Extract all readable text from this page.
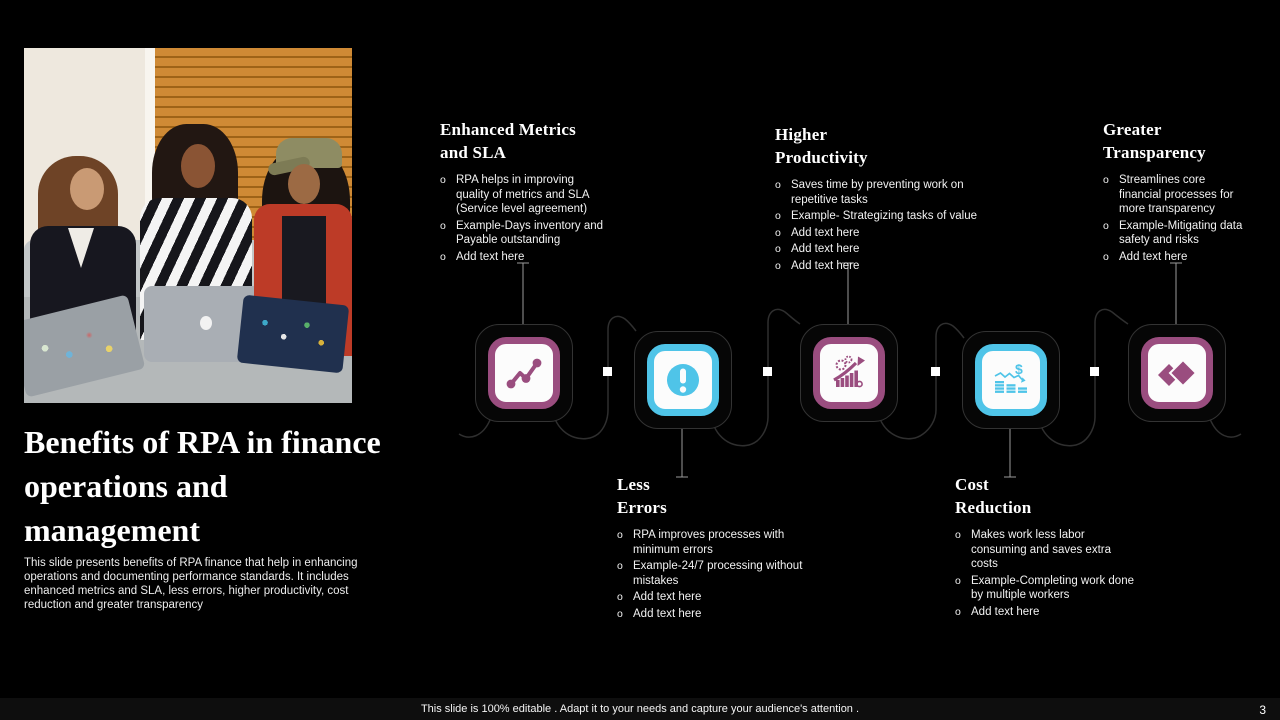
Benefits of RPA in finance operations and management
This slide presents benefits of RPA finance that help in enhancing operations and documenting performance standards. It includes enhanced metrics and SLA, less errors, higher productivity, cost reduction and greater transparency
$
Enhanced Metrics
and SLA
o RPA helps in improving quality of metrics and SLA (Service level agreement)
o Example-Days inventory and Payable outstanding
o Add text here
Less
Errors
o RPA improves processes with minimum errors
o Example-24/7 processing without mistakes
o Add text here
o Add text here
Higher
Productivity
o Saves time by preventing work on repetitive tasks
o Example- Strategizing tasks of value
o Add text here
o Add text here
o Add text here
Cost
Reduction
o Makes work less labor consuming and saves extra costs
o Example-Completing work done by multiple workers
o Add text here
Greater
Transparency
o Streamlines core financial processes for more transparency
o Example-Mitigating data safety and risks
o Add text here
This slide is 100% editable . Adapt it to your needs and capture your audience's attention .	3
